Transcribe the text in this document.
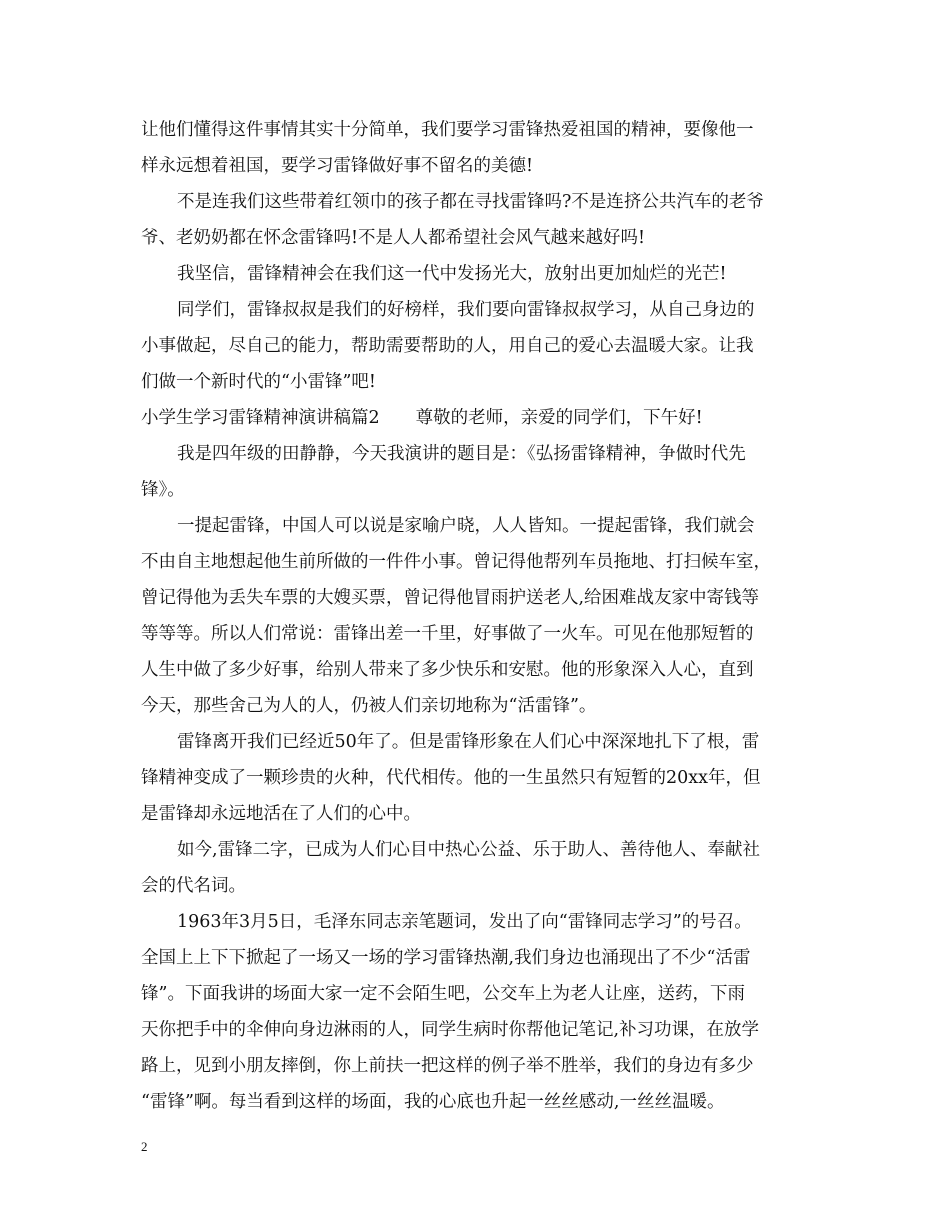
让他们懂得这件事情其实十分简单，我们要学习雷锋热爱祖国的精神，要像他一
样永远想着祖国，要学习雷锋做好事不留名的美德!
不是连我们这些带着红领巾的孩子都在寻找雷锋吗?不是连挤公共汽车的老爷
爷、老奶奶都在怀念雷锋吗!不是人人都希望社会风气越来越好吗!
我坚信，雷锋精神会在我们这一代中发扬光大，放射出更加灿烂的光芒!
同学们，雷锋叔叔是我们的好榜样，我们要向雷锋叔叔学习，从自己身边的
小事做起，尽自己的能力，帮助需要帮助的人，用自己的爱心去温暖大家。让我
们做一个新时代的“小雷锋”吧!
小学生学习雷锋精神演讲稿篇2 尊敬的老师，亲爱的同学们，下午好!
我是四年级的田静静，今天我演讲的题目是：《弘扬雷锋精神，争做时代先
锋》。
一提起雷锋，中国人可以说是家喻户晓，人人皆知。一提起雷锋，我们就会
不由自主地想起他生前所做的一件件小事。曾记得他帮列车员拖地、打扫候车室，
曾记得他为丢失车票的大嫂买票，曾记得他冒雨护送老人,给困难战友家中寄钱等
等等等。所以人们常说：雷锋出差一千里，好事做了一火车。可见在他那短暂的
人生中做了多少好事，给别人带来了多少快乐和安慰。他的形象深入人心，直到
今天，那些舍己为人的人，仍被人们亲切地称为“活雷锋”。
雷锋离开我们已经近50年了。但是雷锋形象在人们心中深深地扎下了根，雷
锋精神变成了一颗珍贵的火种，代代相传。他的一生虽然只有短暂的20xx年，但
是雷锋却永远地活在了人们的心中。
如今,雷锋二字，已成为人们心目中热心公益、乐于助人、善待他人、奉献社
会的代名词。
1963年3月5日，毛泽东同志亲笔题词，发出了向“雷锋同志学习”的号召。
全国上上下下掀起了一场又一场的学习雷锋热潮,我们身边也涌现出了不少“活雷
锋”。下面我讲的场面大家一定不会陌生吧，公交车上为老人让座，送药，下雨
天你把手中的伞伸向身边淋雨的人，同学生病时你帮他记笔记,补习功课，在放学
路上，见到小朋友摔倒，你上前扶一把这样的例子举不胜举，我们的身边有多少
“雷锋”啊。每当看到这样的场面，我的心底也升起一丝丝感动,一丝丝温暖。
2
